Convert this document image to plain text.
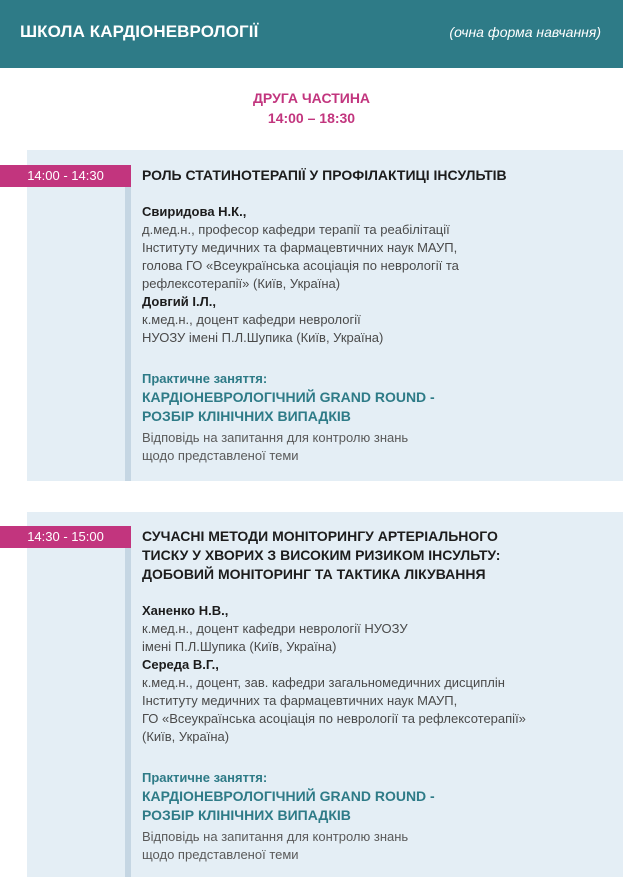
ШКОЛА КАРДІОНЕВРОЛОГІЇ	(очна форма навчання)
ДРУГА ЧАСТИНА
14:00 – 18:30
14:00 - 14:30	РОЛЬ СТАТИНОТЕРАПІЇ У ПРОФІЛАКТИЦІ ІНСУЛЬТІВ
Свиридова Н.К.,
д.мед.н., професор кафедри терапії та реабілітації
Інституту медичних та фармацевтичних наук МАУП,
голова ГО «Всеукраїнська асоціація по неврології та
рефлексотерапії» (Київ, Україна)
Довгий І.Л.,
к.мед.н., доцент кафедри неврології
НУОЗУ імені П.Л.Шупика (Київ, Україна)
Практичне заняття:
КАРДІОНЕВРОЛОГІЧНИЙ GRAND ROUND -
РОЗБІР КЛІНІЧНИХ ВИПАДКІВ
Відповідь на запитання для контролю знань
щодо представленої теми
14:30 - 15:00	СУЧАСНІ МЕТОДИ МОНІТОРИНГУ АРТЕРІАЛЬНОГО
ТИСКУ У ХВОРИХ З ВИСОКИМ РИЗИКОМ ІНСУЛЬТУ:
ДОБОВИЙ МОНІТОРИНГ ТА ТАКТИКА ЛІКУВАННЯ
Ханенко Н.В.,
к.мед.н., доцент кафедри неврології НУОЗУ
імені П.Л.Шупика (Київ, Україна)
Середа В.Г.,
к.мед.н., доцент, зав. кафедри загальномедичних дисциплін
Інституту медичних та фармацевтичних наук МАУП,
ГО «Всеукраїнська асоціація по неврології та рефлексотерапії»
(Київ, Україна)
Практичне заняття:
КАРДІОНЕВРОЛОГІЧНИЙ GRAND ROUND -
РОЗБІР КЛІНІЧНИХ ВИПАДКІВ
Відповідь на запитання для контролю знань
щодо представленої теми
